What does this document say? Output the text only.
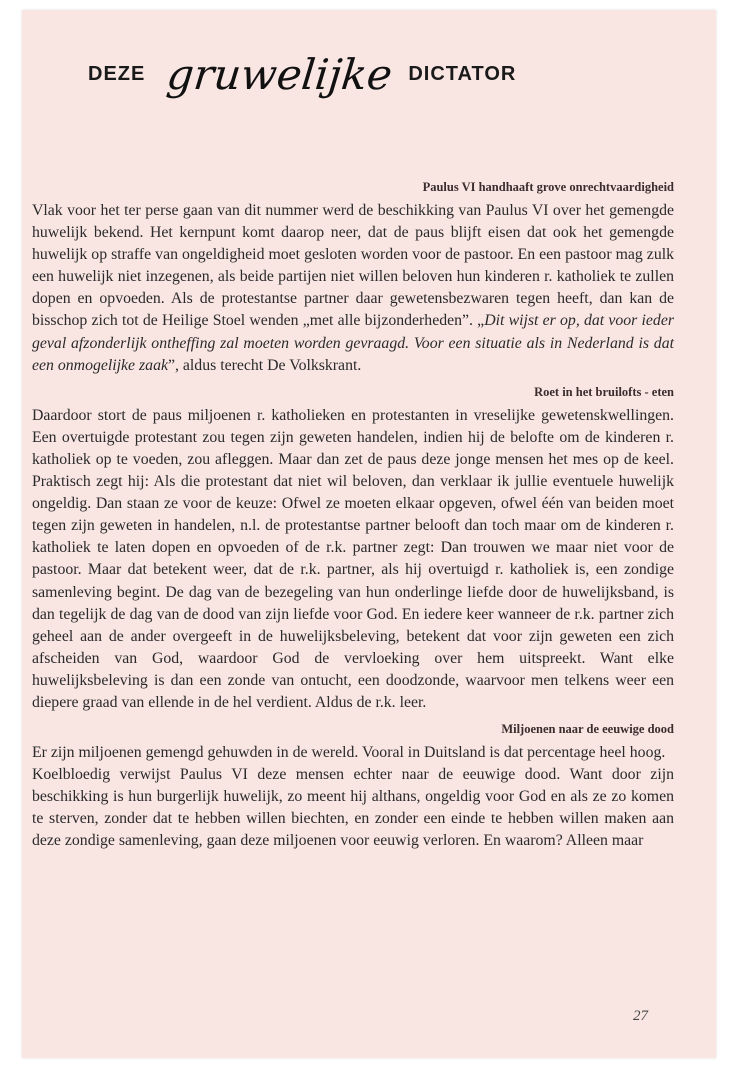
DEZE gruwelijke DICTATOR
Paulus VI handhaaft grove onrechtvaardigheid

Vlak voor het ter perse gaan van dit nummer werd de beschikking van Paulus VI over het gemengde huwelijk bekend. Het kernpunt komt daarop neer, dat de paus blijft eisen dat ook het gemengde huwelijk op straffe van ongeldigheid moet gesloten worden voor de pastoor. En een pastoor mag zulk een huwelijk niet inzegenen, als beide partijen niet willen beloven hun kinderen r. katholiek te zullen dopen en opvoeden. Als de protestantse partner daar gewetensbezwaren tegen heeft, dan kan de bisschop zich tot de Heilige Stoel wenden „met alle bijzonderheden”. „Dit wijst er op, dat voor ieder geval afzonderlijk ontheffing zal moeten worden gevraagd. Voor een situatie als in Nederland is dat een onmogelijke zaak”, aldus terecht De Volkskrant.

Roet in het bruilofts - eten

Daardoor stort de paus miljoenen r. katholieken en protestanten in vreselijke gewetenskwellingen. Een overtuigde protestant zou tegen zijn geweten handelen, indien hij de belofte om de kinderen r. katholiek op te voeden, zou afleggen. Maar dan zet de paus deze jonge mensen het mes op de keel. Praktisch zegt hij: Als die protestant dat niet wil beloven, dan verklaar ik jullie eventuele huwelijk ongeldig. Dan staan ze voor de keuze: Ofwel ze moeten elkaar opgeven, ofwel één van beiden moet tegen zijn geweten in handelen, n.l. de protestantse partner belooft dan toch maar om de kinderen r. katholiek te laten dopen en opvoeden of de r.k. partner zegt: Dan trouwen we maar niet voor de pastoor. Maar dat betekent weer, dat de r.k. partner, als hij overtuigd r. katholiek is, een zondige samenleving begint. De dag van de bezegeling van hun onderlinge liefde door de huwelijksband, is dan tegelijk de dag van de dood van zijn liefde voor God. En iedere keer wanneer de r.k. partner zich geheel aan de ander overgeeft in de huwelijksbeleving, betekent dat voor zijn geweten een zich afscheiden van God, waardoor God de vervloeking over hem uitspreekt. Want elke huwelijksbeleving is dan een zonde van ontucht, een doodzonde, waarvoor men telkens weer een diepere graad van ellende in de hel verdient. Aldus de r.k. leer.

Miljoenen naar de eeuwige dood

Er zijn miljoenen gemengd gehuwden in de wereld. Vooral in Duitsland is dat percentage heel hoog.

Koelbloedig verwijst Paulus VI deze mensen echter naar de eeuwige dood. Want door zijn beschikking is hun burgerlijk huwelijk, zo meent hij althans, ongeldig voor God en als ze zo komen te sterven, zonder dat te hebben willen biechten, en zonder een einde te hebben willen maken aan deze zondige samenleving, gaan deze miljoenen voor eeuwig verloren. En waarom? Alleen maar

27
